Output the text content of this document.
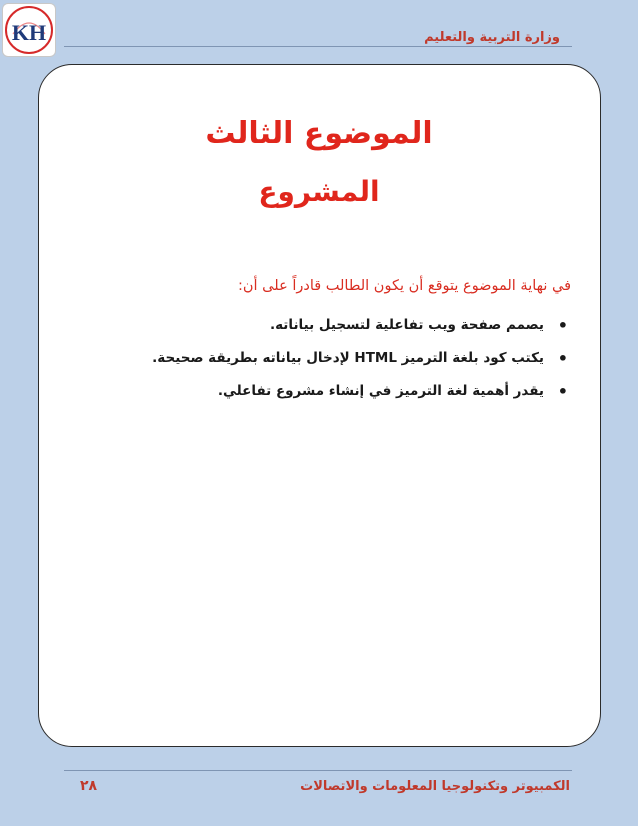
KH	وزارة التربية والتعليم
الموضوع الثالث
المشروع
في نهاية الموضوع يتوقع أن يكون الطالب قادراً على أن:
•
يصمم صفحة ويب تفاعلية لتسجيل بياناته.
•
يكتب كود بلغة الترميز HTML لإدخال بياناته بطريقة صحيحة.
•
يقدر أهمية لغة الترميز في إنشاء مشروع تفاعلي.
الكمبيوتر وتكنولوجيا المعلومات والاتصالات
٢٨
